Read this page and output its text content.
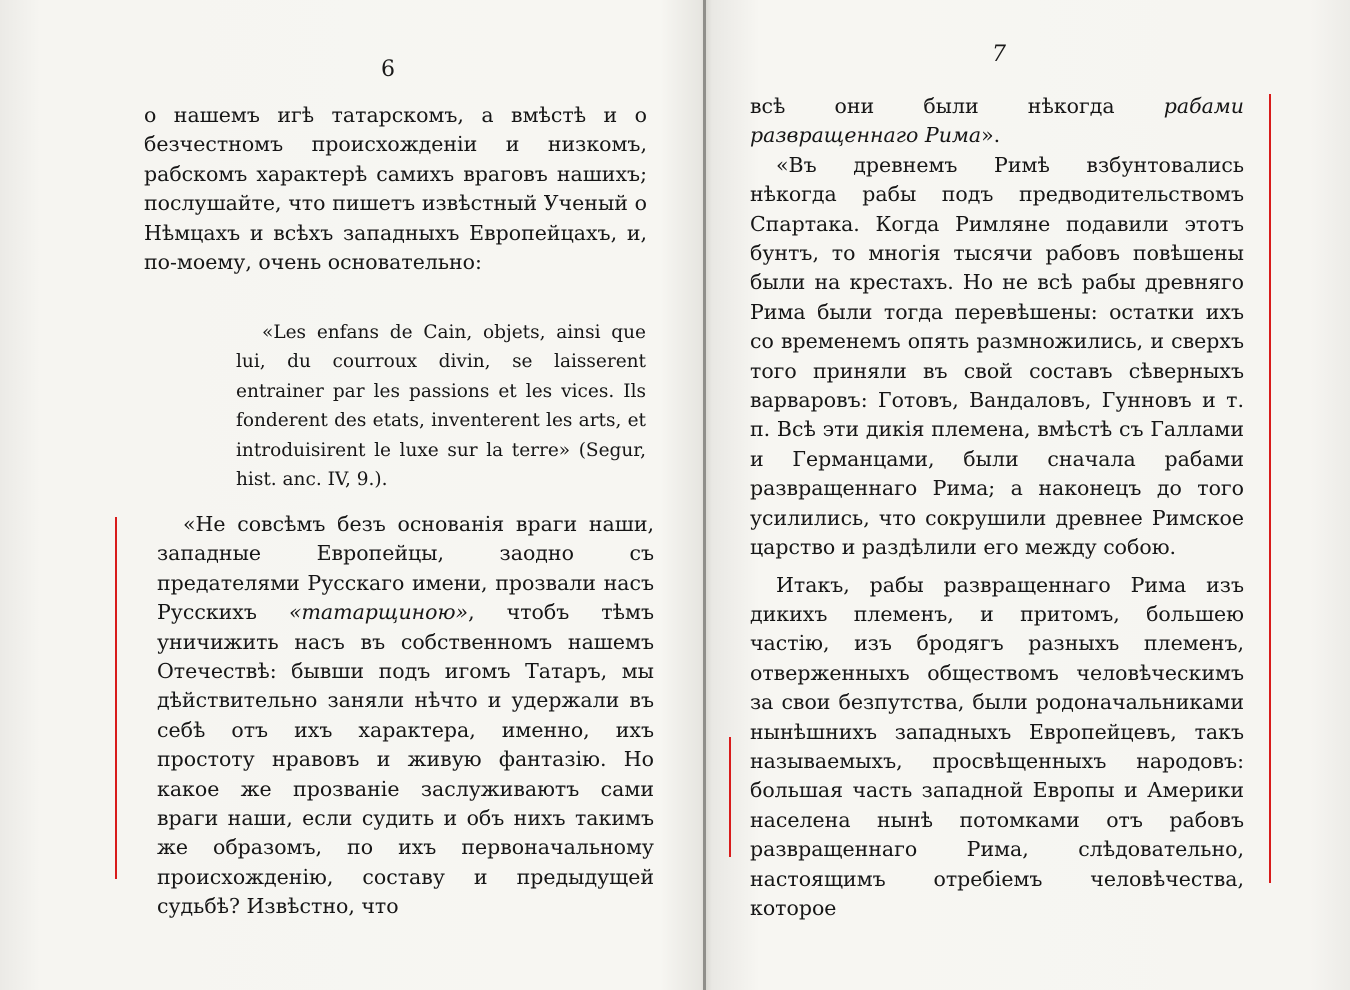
6

о нашемъ игѣ татарскомъ, а вмѣстѣ и о безчестномъ происхожденіи и низкомъ, рабскомъ характерѣ самихъ враговъ нашихъ; послушайте, что пишетъ извѣстный Ученый о Нѣмцахъ и всѣхъ западныхъ Европейцахъ, и, по-моему, очень основательно:

«Les enfans de Cain, objets, ainsi que lui, du courroux divin, se laisserent entrainer par les passions et les vices. Ils fonderent des etats, inventerent les arts, et introduisirent le luxe sur la terre» (Segur, hist. anc. IV, 9.).

«Не совсѣмъ безъ основанія враги наши, западные Европейцы, заодно съ предателями Русскаго имени, прозвали насъ Русскихъ «татарщиною», чтобъ тѣмъ уничижить насъ въ собственномъ нашемъ Отечествѣ: бывши подъ игомъ Татаръ, мы дѣйствительно заняли нѣчто и удержали въ себѣ отъ ихъ характера, именно, ихъ простоту нравовъ и живую фантазію. Но какое же прозваніе заслуживаютъ сами враги наши, если судить и объ нихъ такимъ же образомъ, по ихъ первоначальному происхожденію, составу и предыдущей судьбѣ? Извѣстно, что

7

всѣ они были нѣкогда рабами развращеннаго Рима».

«Въ древнемъ Римѣ взбунтовались нѣкогда рабы подъ предводительствомъ Спартака. Когда Римляне подавили этотъ бунтъ, то многія тысячи рабовъ повѣшены были на крестахъ. Но не всѣ рабы древняго Рима были тогда перевѣшены: остатки ихъ со временемъ опять размножились, и сверхъ того приняли въ свой составъ сѣверныхъ варваровъ: Готовъ, Вандаловъ, Гунновъ и т. п. Всѣ эти дикія племена, вмѣстѣ съ Галлами и Германцами, были сначала рабами развращеннаго Рима; а наконецъ до того усилились, что сокрушили древнее Римское царство и раздѣлили его между собою.

Итакъ, рабы развращеннаго Рима изъ дикихъ племенъ, и притомъ, большею частію, изъ бродягъ разныхъ племенъ, отверженныхъ обществомъ человѣческимъ за свои безпутства, были родоначальниками нынѣшнихъ западныхъ Европейцевъ, такъ называемыхъ, просвѣщенныхъ народовъ: большая часть западной Европы и Америки населена нынѣ потомками отъ рабовъ развращеннаго Рима, слѣдовательно, настоящимъ отребіемъ человѣчества, которое
